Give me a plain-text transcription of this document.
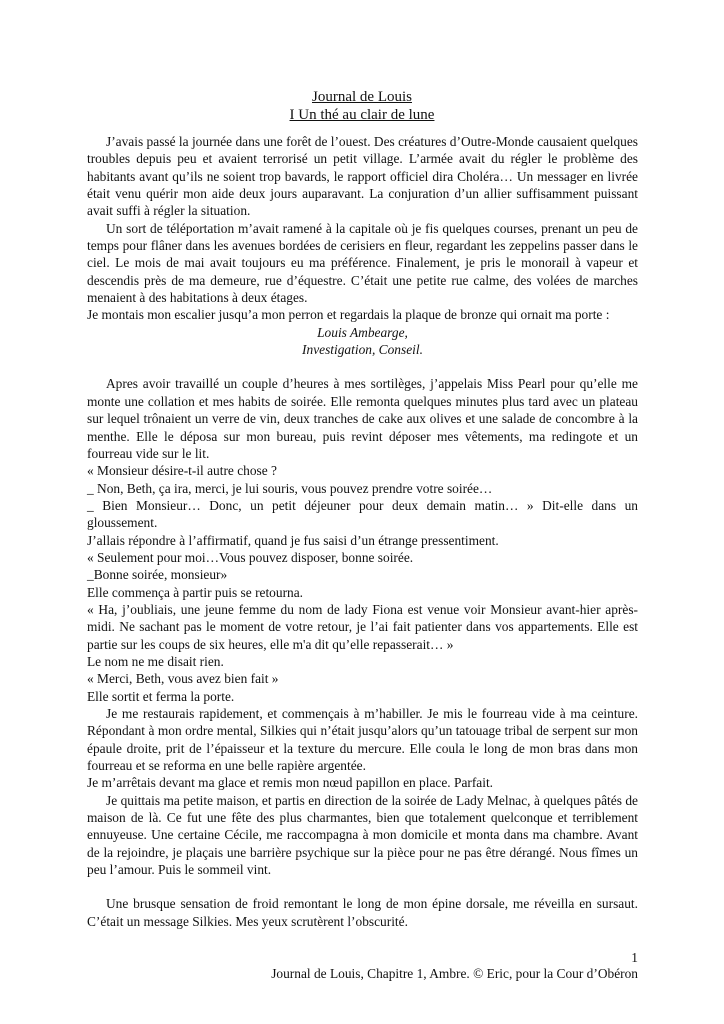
Journal de Louis
I Un thé au clair de lune

J’avais passé la journée dans une forêt de l’ouest. Des créatures d’Outre-Monde causaient quelques troubles depuis peu et avaient terrorisé un petit village. L’armée avait du régler le problème des habitants avant qu’ils ne soient trop bavards, le rapport officiel dira Choléra… Un messager en livrée était venu quérir mon aide deux jours auparavant. La conjuration d’un allier suffisamment puissant avait suffi à régler la situation.

Un sort de téléportation m’avait ramené à la capitale où je fis quelques courses, prenant un peu de temps pour flâner dans les avenues bordées de cerisiers en fleur, regardant les zeppelins passer dans le ciel. Le mois de mai avait toujours eu ma préférence. Finalement, je pris le monorail à vapeur et descendis près de ma demeure, rue d’équestre. C’était une petite rue calme, des volées de marches menaient à des habitations à deux étages.

Je montais mon escalier jusqu’a mon perron et regardais la plaque de bronze qui ornait ma porte :

Louis Ambearge,

Investigation, Conseil.

Apres avoir travaillé un couple d’heures à mes sortilèges, j’appelais Miss Pearl pour qu’elle me monte une collation et mes habits de soirée. Elle remonta quelques minutes plus tard avec un plateau sur lequel trônaient un verre de vin, deux tranches de cake aux olives et une salade de concombre à la menthe. Elle le déposa sur mon bureau, puis revint déposer mes vêtements, ma redingote et un fourreau vide sur le lit.

« Monsieur désire-t-il autre chose ?

_ Non, Beth, ça ira, merci, je lui souris, vous pouvez prendre votre soirée…

_ Bien Monsieur… Donc, un petit déjeuner pour deux demain matin… » Dit-elle dans un gloussement.

J’allais répondre à l’affirmatif, quand je fus saisi d’un étrange pressentiment.

« Seulement pour moi…Vous pouvez disposer, bonne soirée.

_Bonne soirée, monsieur»

Elle commença à partir puis se retourna.

« Ha, j’oubliais, une jeune femme du nom de lady Fiona est venue voir Monsieur avant-hier après-midi. Ne sachant pas le moment de votre retour, je l’ai fait patienter dans vos appartements. Elle est partie sur les coups de six heures, elle m'a dit qu’elle repasserait… »

Le nom ne me disait rien.

« Merci, Beth, vous avez bien fait »

Elle sortit et ferma la porte.

Je me restaurais rapidement, et commençais à m’habiller. Je mis le fourreau vide à ma ceinture. Répondant à mon ordre mental, Silkies qui n’était jusqu’alors qu’un tatouage tribal de serpent sur mon épaule droite, prit de l’épaisseur et la texture du mercure. Elle coula le long de mon bras dans mon fourreau et se reforma en une belle rapière argentée.

Je m’arrêtais devant ma glace et remis mon nœud papillon en place. Parfait.

Je quittais ma petite maison, et partis en direction de la soirée de Lady Melnac, à quelques pâtés de maison de là. Ce fut une fête des plus charmantes, bien que totalement quelconque et terriblement ennuyeuse. Une certaine Cécile, me raccompagna à mon domicile et monta dans ma chambre. Avant de la rejoindre, je plaçais une barrière psychique sur la pièce pour ne pas être dérangé. Nous fîmes un peu l’amour. Puis le sommeil vint.

Une brusque sensation de froid remontant le long de mon épine dorsale, me réveilla en sursaut. C’était un message Silkies. Mes yeux scrutèrent l’obscurité.

1
Journal de Louis, Chapitre 1, Ambre. © Eric, pour la Cour d’Obéron
